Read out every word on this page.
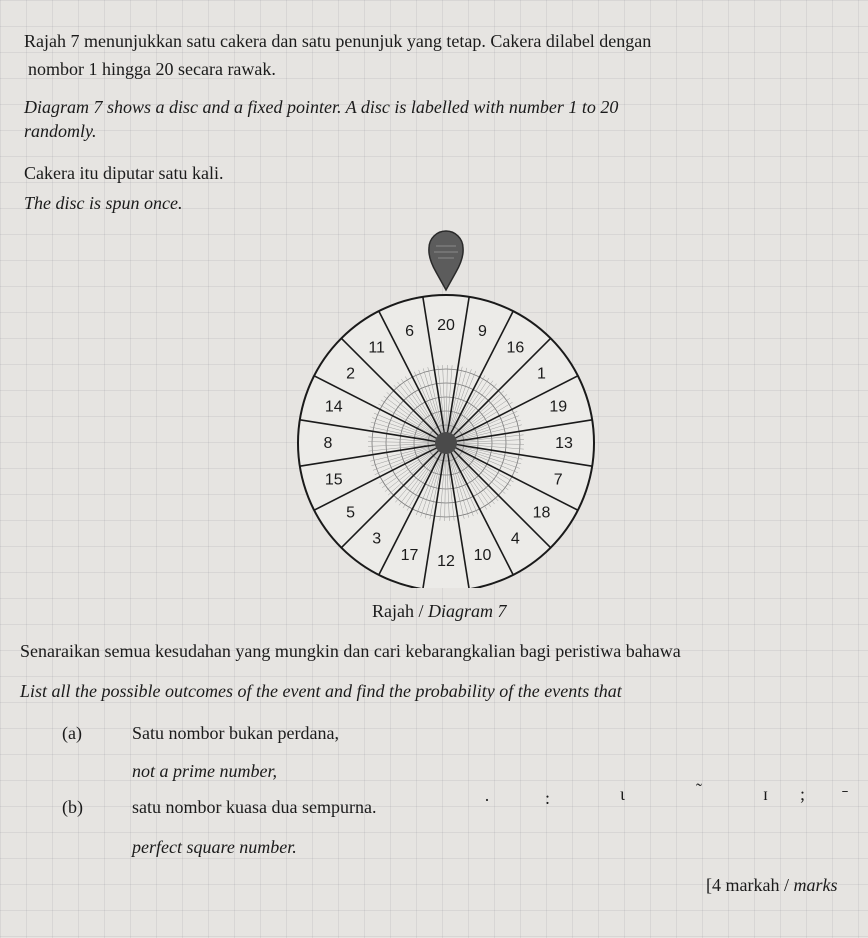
Rajah 7 menunjukkan satu cakera dan satu penunjuk yang tetap. Cakera dilabel dengan
nombor 1 hingga 20 secara rawak.
Diagram 7 shows a disc and a fixed pointer. A disc is labelled with number 1 to 20
randomly.
Cakera itu diputar satu kali.
The disc is spun once.
20 9
16
1
19
13
7
18
4
10
12
17
3
5
15
8
14
2
11
6
Rajah / Diagram 7
Senaraikan semua kesudahan yang mungkin dan cari kebarangkalian bagi peristiwa bahawa
List all the possible outcomes of the event and find the probability of the events that
(a)	Satu nombor bukan perdana,
not a prime number,
(b)	satu nombor kuasa dua sempurna.
perfect square number.
[4 markah / marks
·	:	ι	˜	ɪ ; ˉ
